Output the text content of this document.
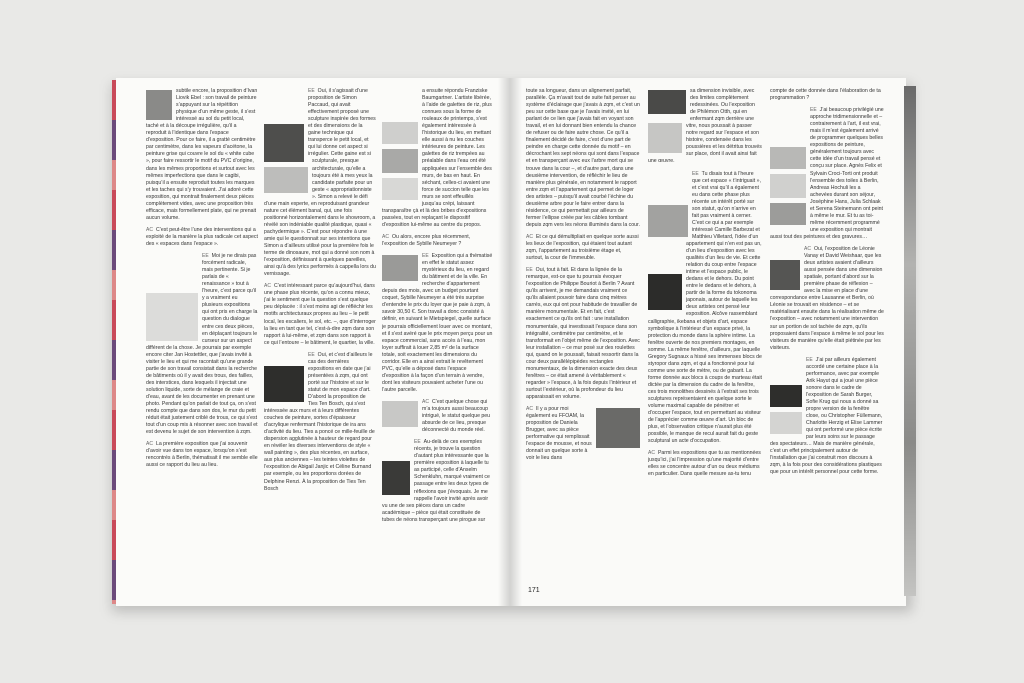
subtile encore, la proposition d’Ivan Liovik Ebel : son travail de peinture s’appuyant sur la répétition physique d’un même geste, il s’est intéressé au sol du petit local, taché et à la découpe irrégulière, qu’il a reproduit à l’identique dans l’espace d’exposition. Pour ce faire, il a gratté centimètre par centimètre, dans les vapeurs d’acétone, la peinture grise qui couvre le sol du « white cube », pour faire ressortir le motif du PVC d’origine, dans les mêmes proportions et surtout avec les mêmes imperfections que dans le cagibi, puisqu’il a ensuite reproduit toutes les marques et les taches qui s’y trouvaient. J’ai adoré cette exposition, qui montrait finalement deux pièces complètement vides, avec une proposition très efficace, mais formellement plate, qui ne prenait aucun volume.

AC C’est peut-être l’une des interventions qui a exploité de la manière la plus radicale cet aspect des « espaces dans l’espace ».

EE Moi je ne dirais pas forcément radicale, mais pertinente. Si je parlais de « renaissance » tout à l’heure, c’est parce qu’il y a vraiment eu plusieurs expositions qui ont pris en charge la question du dialogue entre ces deux pièces, en déplaçant toujours le curseur sur un aspect différent de la chose. Je pourrais par exemple encore citer Jan Hostettler, que j’avais invité à visiter le lieu et qui me racontait qu’une grande partie de son travail consistait dans la recherche de bâtiments où il y avait des trous, des failles, des interstices, dans lesquels il injectait une solution liquide, sorte de mélange de craie et d’eau, avant de les documenter en prenant une photo. Pendant qu’on parlait de tout ça, on s’est rendu compte que dans son dos, le mur du petit réduit était justement criblé de trous, ce qui s’est tout d’un coup mis à résonner avec son travail et est devenu le sujet de son intervention à zqm.

AC La première exposition que j’ai souvenir d’avoir vue dans ton espace, lorsqu’on s’est rencontrés à Berlin, thématisait il me semble elle aussi ce rapport du lieu au lieu.

EE Oui, il s’agissait d’une proposition de Simon Paccaud, qui avait effectivement proposé une sculpture inspirée des formes et des dimensions de la gaine technique qui transperce le petit local, et qui lui donne cet aspect si irrégulier. Cette gaine est si sculpturale, presque architecturale, qu’elle a toujours été à mes yeux la candidate parfaite pour un geste « appropriationniste ». Simon a relevé le défi d’une main experte, en reproduisant grandeur nature cet élément banal, qui, une fois positionné horizontalement dans le showroom, a révélé son indéniable qualité plastique, quasi « pachydermique ». C’est pour répondre à une amie qui le questionnait sur ses intentions que Simon a d’ailleurs utilisé pour la première fois le terme de dinosaure, mot qui a donné son nom à l’exposition, définissant à quelques pareilles, ainsi qu’à des lyrics performés à cappella lors du vernissage.

AC C’est intéressant parce qu’aujourd’hui, dans une phase plus récente, qu’on a connu mieux, j’ai le sentiment que la question s’est quelque peu déplacée : il s’est moins agi de réfléchir les motifs architecturaux propres au lieu – le petit local, les escaliers, le sol, etc. –, que d’interroger la lieu en tant que tel, c’est-à-dire zqm dans son rapport à lui-même, et zqm dans son rapport à ce qui l’entoure – le bâtiment, le quartier, la ville.

EE Oui, et c’est d’ailleurs le cas des dernières expositions en date que j’ai présentées à zqm, qui ont porté sur l’histoire et sur le statut de mon espace d’art. D’abord la proposition de Ties Ten Bosch, qui s’est intéressée aux murs et à leurs différentes couches de peinture, sortes d’épaisseur d’acrylique renfermant l’historique de ira ans d’activité du lieu. Ties a poncé ce mille-feuille de dispersion agglutinée à hauteur de regard pour en révéler les diverses interventions de style « wall painting », des plus récentes, en surface, aux plus anciennes – les teintes violettes de l’exposition de Abigail Janjic et Céline Burnand par exemple, ou les proportions dorées de Delphine Renzi. À la proposition de Ties Ten Bosch

a ensuite répondu Franziske Baumgartner. L’artiste libérée, à l’aide de galettes de riz, plus connues sous la forme de rouleaux de printemps, s’est également intéressée à l’historique du lieu, en mettant elle aussi à nu les couches intérieures de peinture. Les galettes de riz trempées au préalable dans l’eau ont été appliquées sur l’ensemble des murs, de bas en haut. En séchant, celles-ci avaient une force de succion telle que les murs se sont effeuillés jusqu’au crépi, laissant transparaître çà et là des bribes d’expositions passées, tout en replaçant le dispositif d’exposition lui-même au centre du propos.

AC Ou alors, encore plus récemment, l’exposition de Sybille Neumeyer ?

EE Exposition qui a thématisé en effet le statut assez mystérieux du lieu, en regard du bâtiment et de la ville. En recherche d’appartement depuis des mois, avec un budget pourtant coquet, Sybille Neumeyer a été très surprise d’entendre le prix du loyer que je paie à zqm, à savoir 30,50 €. Son travail a donc consisté à définir, en suivant le Mietspiegel, quelle surface je pourrais officiellement louer avec ce montant, et il s’est avéré que le prix moyen perçu pour un espace commercial, sans accès à l’eau, mon loyer suffirait à louer 2,85 m² de la surface totale, soit exactement les dimensions du corridor. Elle en a ainsi extrait le revêtement PVC, qu’elle a déposé dans l’espace d’exposition à la façon d’un terrain à vendre, dont les visiteurs pouvaient acheter l’une ou l’autre parcelle.

AC C’est quelque chose qui m’a toujours aussi beaucoup intrigué, le statut quelque peu absurde de ce lieu, presque déconnecté du monde réel.

EE Au-delà de ces exemples récents, je trouve la question d’autant plus intéressante que la première exposition à laquelle tu as participé, celle d’Anselm Schenkluhn, marqué vraiment ce passage entre les deux types de réflexions que j’évoquais. Je me rappelle l’avoir invité après avoir vu une de ses pièces dans un cadre académique – pièce qui était constituée de tubes de néons transperçant une pirogue sur

toute sa longueur, dans un alignement parfait, parallèle. Ça m’avait tout de suite fait penser au système d’éclairage que j’avais à zqm, et c’est un peu sur cette base que je l’avais invité, en lui parlant de ce lien que j’avais fait en voyant son travail, et en lui donnant bien entendu la chance de refuser ou de faire autre chose. Ce qu’il a finalement décidé de faire, c’est d’une part de peindre en charge cette donnée du motif – en décrochant les sept néons qui sont dans l’espace et en transperçant avec eux l’arbre mort qui se trouve dans la cour –, et d’autre part, dans une deuxième intervention, de réfléchir le lieu de manière plus générale, en notamment le rapport entre zqm et l’appartement qui permet de loger des artistes – puisqu’il avait courbé l’échine du deuxième arbre pour le faire entrer dans la résidence, ce qui permettait par ailleurs de fermer l’ellipse créée par les câbles tombant depuis zqm vers les néons illuminés dans la cour.

AC Et ce qui démultipliait en quelque sorte aussi les lieux de l’exposition, qui étaient tout autant zqm, l’appartement au troisième étage et, surtout, la cour de l’immeuble.

EE Oui, tout à fait. Et dans la lignée de la remarque, est-ce que tu pourrais évoquer l’exposition de Philippe Bouriot à Berlin ? Avant qu’ils arrivent, je me demandais vraiment ce qu’ils allaient pouvoir faire dans cinq mètres carrés, eux qui ont pour habitude de travailler de manière monumentale. Et en fait, c’est exactement ce qu’ils ont fait : une installation monumentale, qui investissait l’espace dans son intégralité, centimètre par centimètre, et le transformait en l’objet même de l’exposition. Avec leur installation – ce mur posé sur des roulettes qui, quand on le poussait, faisait ressortir dans la cour deux parallélépipèdes rectangles monumentaux, de la dimension exacte des deux fenêtres – ce était amené à véritablement « regarder » l’espace, à la fois depuis l’intérieur et surtout l’extérieur, où la profondeur du lieu apparaissait en volume.

AC Il y a pour moi également eu FFOAM, la proposition de Daniela Brugger, avec sa pièce performative qui remplissait l’espace de mousse, et nous donnait un quelque sorte à voir le lieu dans

sa dimension invisible, avec des limites complètement redessinées. Ou l’exposition de Philémon Otth, qui en enfermant zqm derrière une vitre, nous poussait à passer notre regard sur l’espace et son histoire, condensée dans les poussières et les détritus trouvés sur place, dont il avait ainsi fait une œuvre.

EE Tu disais tout à l’heure que cet espace « t’intriguait », et c’est vrai qu’il a également eu dans cette phase plus récente un intérêt porté sur son statut, qu’on n’arrive en fait pas vraiment à cerner. C’est ce qui a par exemple intéressé Camille Barbezat et Matthieu Villetard, l’idée d’un appartement qui n’en est pas un, d’un lieu d’exposition avec les qualités d’un lieu de vie. Et cette relation du coup entre l’espace intime et l’espace public, le dedans et le dehors. Du point entre le dedans et le dehors, à partir de la forme du tokonoma japonais, autour de laquelle les deux artistes ont pensé leur exposition. Alcôve rassemblant calligraphie, ikebana et objets d’art, espace symbolique à l’intérieur d’un espace privé, la protection du monde dans la sphère intime. La fenêtre ouverte de nos premiers montages, en somme. La même fenêtre, d’ailleurs, par laquelle Gregory Sugnaux a hissé ses immenses blocs de styropor dans zqm, et qui a fonctionné pour lui comme une sorte de mètre, ou de gabarit. La forme donnée aux blocs à coups de marteau était dictée par la dimension du cadre de la fenêtre, ces trois monolithes dessinés à l’extrait ses trois sculptures représentaient en quelque sorte le volume maximal capable de pénétrer et d’occuper l’espace, tout en permettant au visiteur de l’apprécier comme œuvre d’art. Un bloc de plus, et l’observation critique n’aurait plus été possible, le manque de recul aurait fait du geste sculptural un acte d’occupation.

AC Parmi les expositions que tu as mentionnées jusqu’ici, j’ai l’impression qu’une majorité d’entre elles se concentre autour d’un ou deux médiums en particulier. Dans quelle mesure as-tu tenu

compte de cette donnée dans l’élaboration de ta programmation ?

EE J’ai beaucoup privilégié une approche tridimensionnelle et – contrairement à l’art, il est vrai, mais il m’est également arrivé de programmer quelques belles expositions de peinture, généralement toujours avec cette idée d’un travail pensé et conçu sur place. Agnès Felix et Sylvain Croci-Torti ont produit l’ensemble des toiles à Berlin, Andreas Hochuli les a achevées durant son séjour, Joséphine Hans, Julia Schlaak et Serena Steinemann ont peint à même le mur. Et tu as toi-même récemment programmé une exposition qui montrait aussi tout des peintures et des gravures…

AC Oui, l’exposition de Léonie Vanay et David Weishaar, que les deux artistes avaient d’ailleurs aussi pensée dans une dimension spatiale, portant d’abord sur la première phase de réflexion – avec la mise en place d’une correspondance entre Lausanne et Berlin, où Léonie se trouvait en résidence – et se matérialisant ensuite dans la réalisation même de l’exposition – avec notamment une intervention sur un portion de sol tachée de zqm, qu’ils proposaient dans l’espace à même le sol pour les visiteurs de manière qu’elle était piétinée par les visiteurs.

EE J’ai par ailleurs également accordé une certaine place à la performance, avec par exemple Arik Hayut qui a joué une pièce sonore dans le cadre de l’exposition de Sarah Burger, Sofie Krug qui nous a donné sa propre version de la fenêtre close, ou Christopher Füllemann, Charlotte Herzig et Elise Lammer qui ont performé une pièce écrite par leurs soins sur le passage des spectateurs… Mais de manière générale, c’est un effet principalement autour de l’installation que j’ai construit mon discours à zqm, à la fois pour des considérations plastiques que pour un intérêt personnel pour cette forme.

171
